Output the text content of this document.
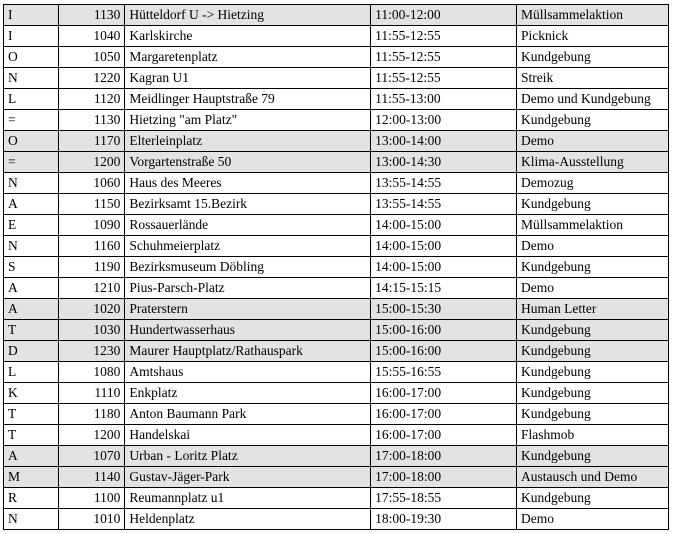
I	1130	Hütteldorf U -> Hietzing	11:00-12:00	Müllsammelaktion
I	1040	Karlskirche	11:55-12:55	Picknick
O	1050	Margaretenplatz	11:55-12:55	Kundgebung
N	1220	Kagran U1	11:55-12:55	Streik
L	1120	Meidlinger Hauptstraße 79	11:55-13:00	Demo und Kundgebung
=	1130	Hietzing "am Platz"	12:00-13:00	Kundgebung
O	1170	Elterleinplatz	13:00-14:00	Demo
=	1200	Vorgartenstraße 50	13:00-14:30	Klima-Ausstellung
N	1060	Haus des Meeres	13:55-14:55	Demozug
A	1150	Bezirksamt 15.Bezirk	13:55-14:55	Kundgebung
E	1090	Rossauerlände	14:00-15:00	Müllsammelaktion
N	1160	Schuhmeierplatz	14:00-15:00	Demo
S	1190	Bezirksmuseum Döbling	14:00-15:00	Kundgebung
A	1210	Pius-Parsch-Platz	14:15-15:15	Demo
A	1020	Praterstern	15:00-15:30	Human Letter
T	1030	Hundertwasserhaus	15:00-16:00	Kundgebung
D	1230	Maurer Hauptplatz/Rathauspark	15:00-16:00	Kundgebung
L	1080	Amtshaus	15:55-16:55	Kundgebung
K	1110	Enkplatz	16:00-17:00	Kundgebung
T	1180	Anton Baumann Park	16:00-17:00	Kundgebung
T	1200	Handelskai	16:00-17:00	Flashmob
A	1070	Urban - Loritz Platz	17:00-18:00	Kundgebung
M	1140	Gustav-Jäger-Park	17:00-18:00	Austausch und Demo
R	1100	Reumannplatz u1	17:55-18:55	Kundgebung
N	1010	Heldenplatz	18:00-19:30	Demo
